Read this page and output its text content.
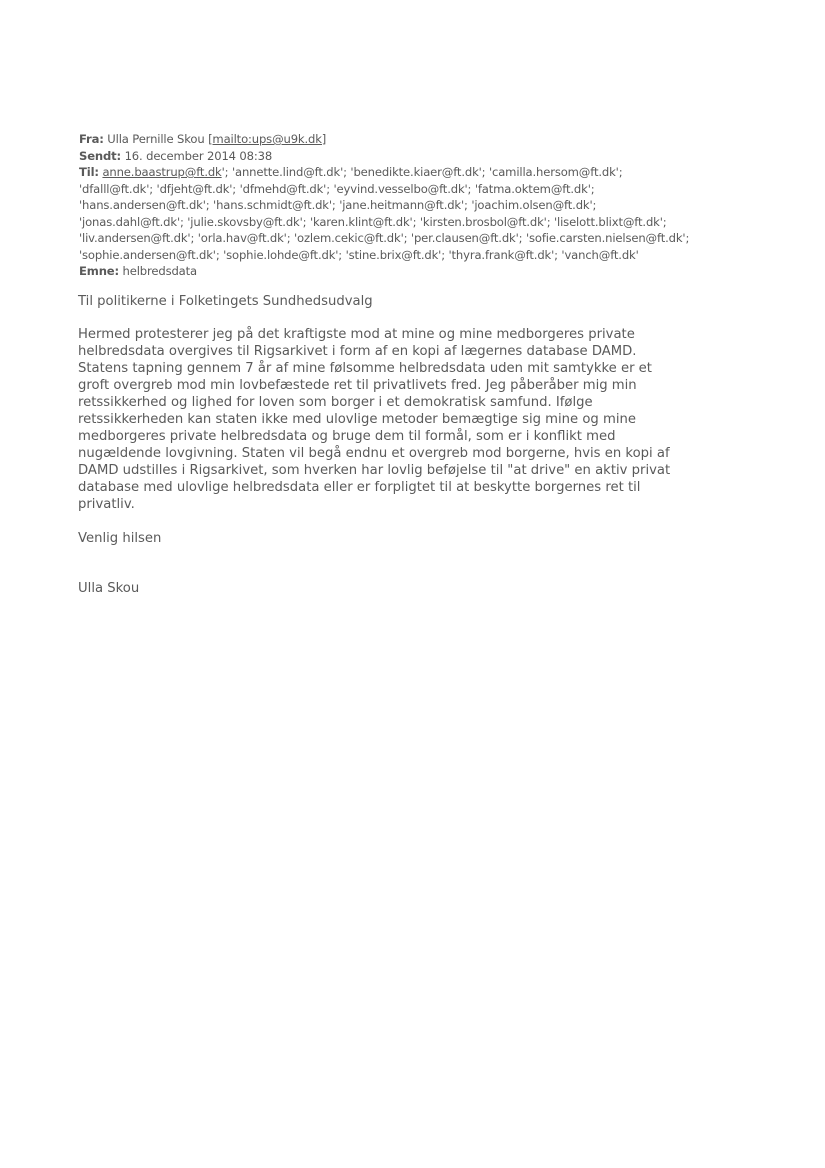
Fra: Ulla Pernille Skou [mailto:ups@u9k.dk]
Sendt: 16. december 2014 08:38
Til: anne.baastrup@ft.dk'; 'annette.lind@ft.dk'; 'benedikte.kiaer@ft.dk'; 'camilla.hersom@ft.dk';
'dfalll@ft.dk'; 'dfjeht@ft.dk'; 'dfmehd@ft.dk'; 'eyvind.vesselbo@ft.dk'; 'fatma.oktem@ft.dk';
'hans.andersen@ft.dk'; 'hans.schmidt@ft.dk'; 'jane.heitmann@ft.dk'; 'joachim.olsen@ft.dk';
'jonas.dahl@ft.dk'; 'julie.skovsby@ft.dk'; 'karen.klint@ft.dk'; 'kirsten.brosbol@ft.dk'; 'liselott.blixt@ft.dk';
'liv.andersen@ft.dk'; 'orla.hav@ft.dk'; 'ozlem.cekic@ft.dk'; 'per.clausen@ft.dk'; 'sofie.carsten.nielsen@ft.dk';
'sophie.andersen@ft.dk'; 'sophie.lohde@ft.dk'; 'stine.brix@ft.dk'; 'thyra.frank@ft.dk'; 'vanch@ft.dk'
Emne: helbredsdata
Til politikerne i Folketingets Sundhedsudvalg
Hermed protesterer jeg på det kraftigste mod at mine og mine medborgeres private
helbredsdata overgives til Rigsarkivet i form af en kopi af lægernes database DAMD.
Statens tapning gennem 7 år af mine følsomme helbredsdata uden mit samtykke er et
groft overgreb mod min lovbefæstede ret til privatlivets fred. Jeg påberåber mig min
retssikkerhed og lighed for loven som borger i et demokratisk samfund. Ifølge
retssikkerheden kan staten ikke med ulovlige metoder bemægtige sig mine og mine
medborgeres private helbredsdata og bruge dem til formål, som er i konflikt med
nugældende lovgivning. Staten vil begå endnu et overgreb mod borgerne, hvis en kopi af
DAMD udstilles i Rigsarkivet, som hverken har lovlig beføjelse til "at drive" en aktiv privat
database med ulovlige helbredsdata eller er forpligtet til at beskytte borgernes ret til
privatliv.
Venlig hilsen
Ulla Skou
